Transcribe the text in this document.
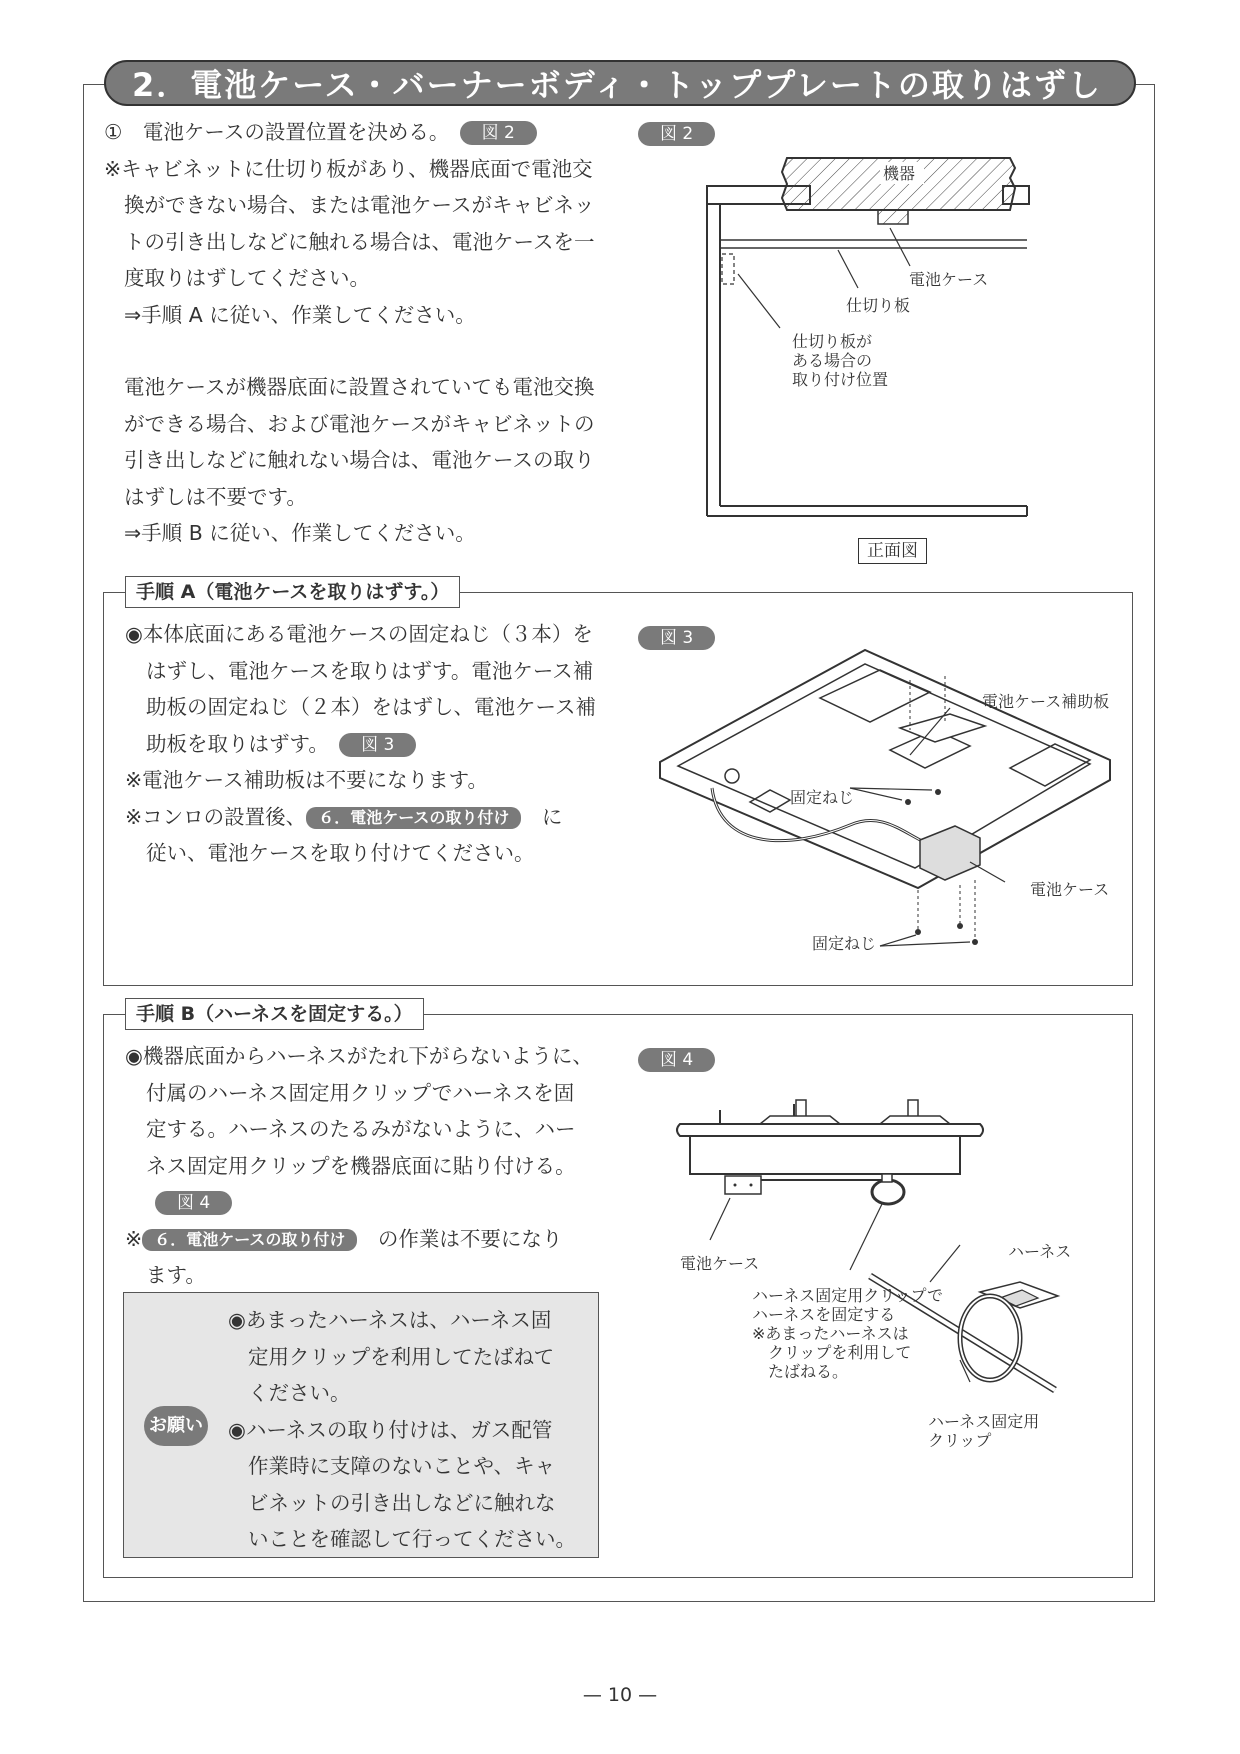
2．電池ケース・バーナーボディ・トッププレートの取りはずし
①　電池ケースの設置位置を決める。　	図 2
※キャビネットに仕切り板があり、機器底面で電池交
換ができない場合、または電池ケースがキャビネッ
トの引き出しなどに触れる場合は、電池ケースを一
度取りはずしてください。
⇒手順 A に従い、作業してください。
電池ケースが機器底面に設置されていても電池交換
ができる場合、および電池ケースがキャビネットの
引き出しなどに触れない場合は、電池ケースの取り
はずしは不要です。
⇒手順 B に従い、作業してください。
図 2
機器
電池ケース
仕切り板
仕切り板が
ある場合の
取り付け位置
正面図
手順 A（電池ケースを取りはずす。）
◉本体底面にある電池ケースの固定ねじ（３本）を
はずし、電池ケースを取りはずす。電池ケース補
助板の固定ねじ（２本）をはずし、電池ケース補
助板を取りはずす。　	図 3
※電池ケース補助板は不要になります。
※コンロの設置後、 ６．電池ケースの取り付け　 に
従い、電池ケースを取り付けてください。
図 3
電池ケース補助板
固定ねじ
電池ケース
固定ねじ
手順 B（ハーネスを固定する。）
◉機器底面からハーネスがたれ下がらないように、
付属のハーネス固定用クリップでハーネスを固
定する。ハーネスのたるみがないように、ハー
ネス固定用クリップを機器底面に貼り付ける。
図 4
※ ６．電池ケースの取り付け　 の作業は不要になり
ます。
お願い
◉あまったハーネスは、ハーネス固
定用クリップを利用してたばねて
ください。
◉ハーネスの取り付けは、ガス配管
作業時に支障のないことや、キャ
ビネットの引き出しなどに触れな
いことを確認して行ってください。
図 4
電池ケース
ハーネス
ハーネス固定用クリップで
ハーネスを固定する
※あまったハーネスは
　クリップを利用して
　たばねる。
ハーネス固定用
クリップ
— 10 —
